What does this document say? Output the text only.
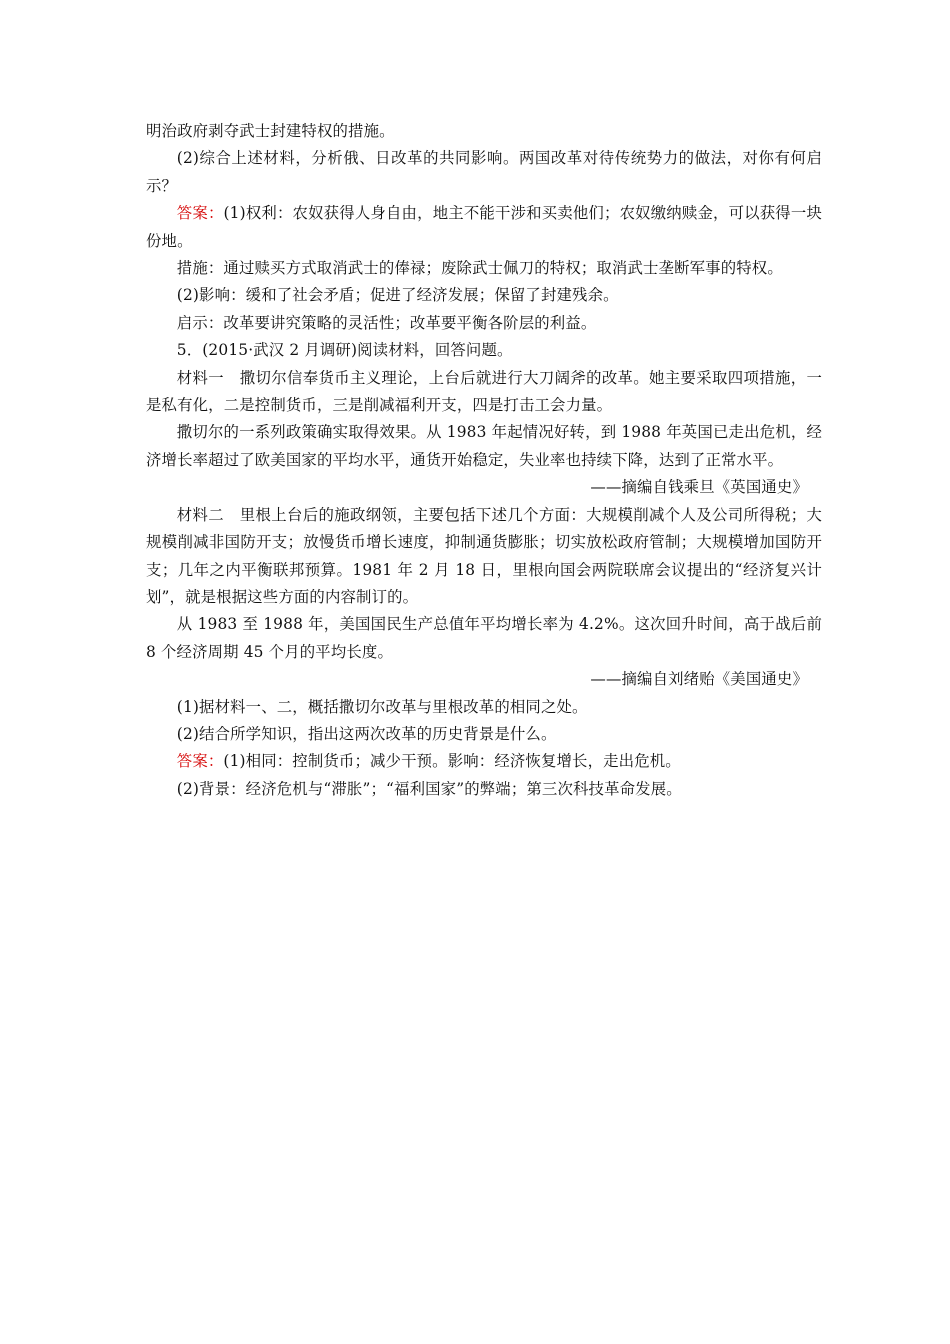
明治政府剥夺武士封建特权的措施。

(2)综合上述材料，分析俄、日改革的共同影响。两国改革对待传统势力的做法，对你有何启示？

答案：(1)权利：农奴获得人身自由，地主不能干涉和买卖他们；农奴缴纳赎金，可以获得一块份地。

措施：通过赎买方式取消武士的俸禄；废除武士佩刀的特权；取消武士垄断军事的特权。

(2)影响：缓和了社会矛盾；促进了经济发展；保留了封建残余。

启示：改革要讲究策略的灵活性；改革要平衡各阶层的利益。

5．(2015·武汉 2 月调研)阅读材料，回答问题。

材料一　撒切尔信奉货币主义理论，上台后就进行大刀阔斧的改革。她主要采取四项措施，一是私有化，二是控制货币，三是削减福利开支，四是打击工会力量。

撒切尔的一系列政策确实取得效果。从 1983 年起情况好转，到 1988 年英国已走出危机，经济增长率超过了欧美国家的平均水平，通货开始稳定，失业率也持续下降，达到了正常水平。

——摘编自钱乘旦《英国通史》

材料二　里根上台后的施政纲领，主要包括下述几个方面：大规模削减个人及公司所得税；大规模削减非国防开支；放慢货币增长速度，抑制通货膨胀；切实放松政府管制；大规模增加国防开支；几年之内平衡联邦预算。1981 年 2 月 18 日，里根向国会两院联席会议提出的“经济复兴计划”，就是根据这些方面的内容制订的。

从 1983 至 1988 年，美国国民生产总值年平均增长率为 4.2%。这次回升时间，高于战后前 8 个经济周期 45 个月的平均长度。

——摘编自刘绪贻《美国通史》

(1)据材料一、二，概括撒切尔改革与里根改革的相同之处。

(2)结合所学知识，指出这两次改革的历史背景是什么。

答案：(1)相同：控制货币；减少干预。影响：经济恢复增长，走出危机。

(2)背景：经济危机与“滞胀”；“福利国家”的弊端；第三次科技革命发展。
